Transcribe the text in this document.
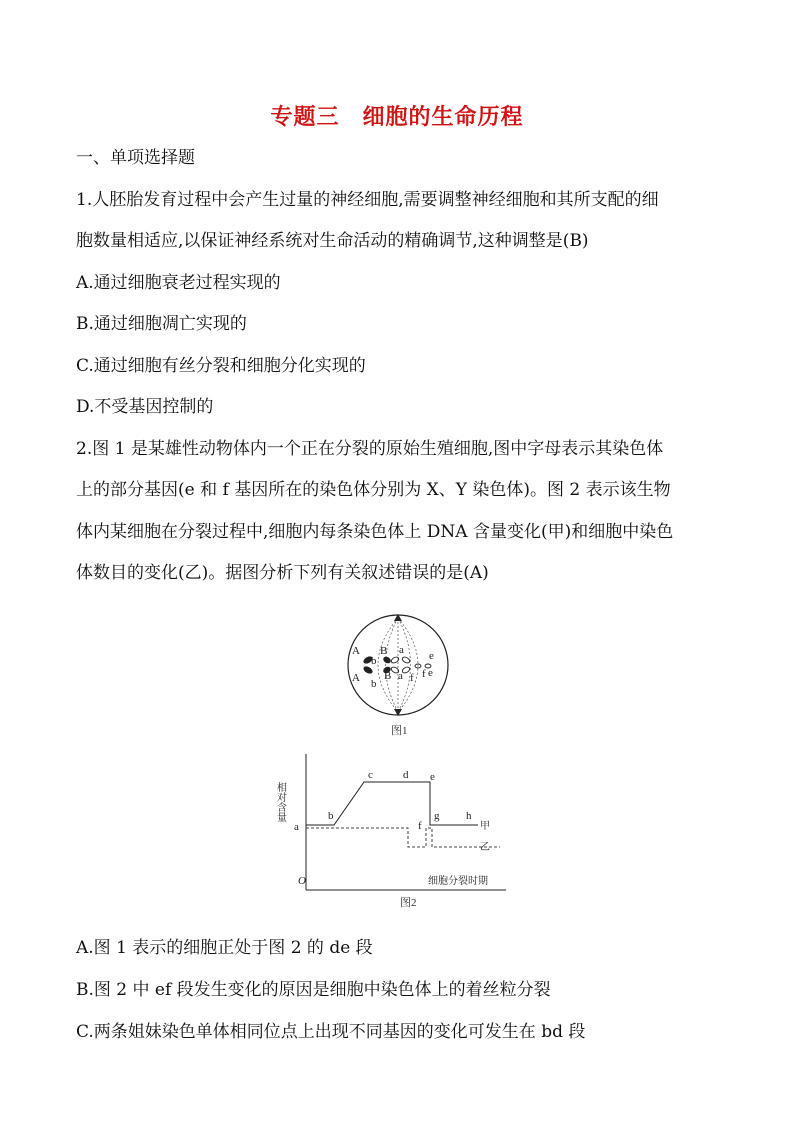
专题三　细胞的生命历程
一、单项选择题
1.人胚胎发育过程中会产生过量的神经细胞,需要调整神经细胞和其所支配的细
胞数量相适应,以保证神经系统对生命活动的精确调节,这种调整是(B)
A.通过细胞衰老过程实现的
B.通过细胞凋亡实现的
C.通过细胞有丝分裂和细胞分化实现的
D.不受基因控制的
2.图 1 是某雄性动物体内一个正在分裂的原始生殖细胞,图中字母表示其染色体
上的部分基因(e 和 f 基因所在的染色体分别为 X、Y 染色体)。图 2 表示该生物
体内某细胞在分裂过程中,细胞内每条染色体上 DNA 含量变化(甲)和细胞中染色
体数目的变化(乙)。据图分析下列有关叙述错误的是(A)
A
b
A b
B
B
a
a f f
e
e
图1
相对含量
O	细胞分裂时期
a
b
c	d e
f
g h
甲
乙
图2
A.图 1 表示的细胞正处于图 2 的 de 段
B.图 2 中 ef 段发生变化的原因是细胞中染色体上的着丝粒分裂
C.两条姐妹染色单体相同位点上出现不同基因的变化可发生在 bd 段
